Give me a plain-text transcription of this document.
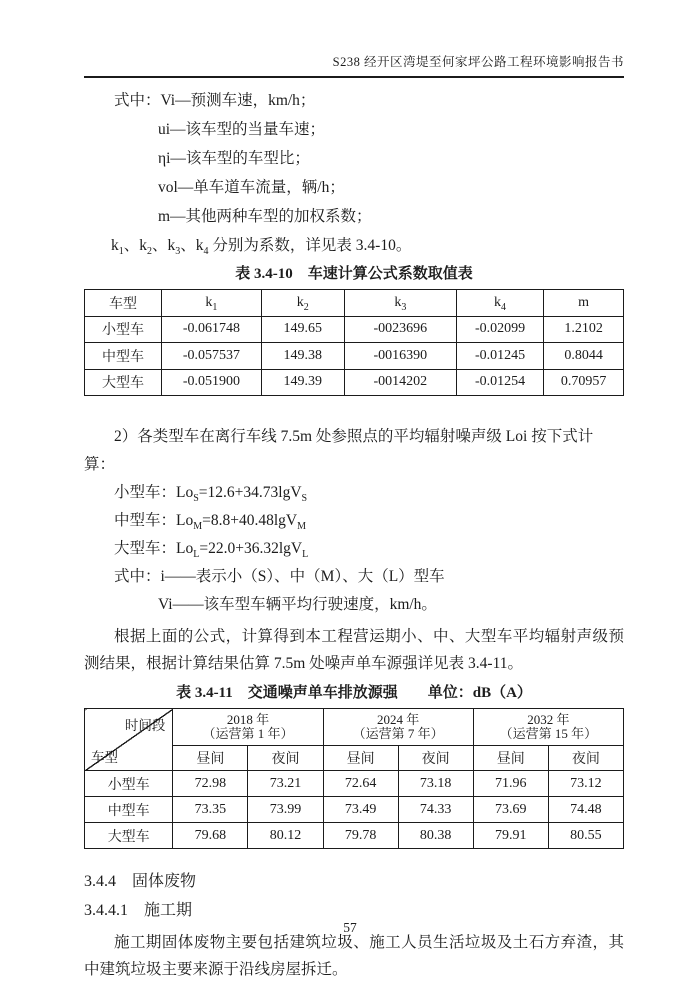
S238 经开区湾堤至何家坪公路工程环境影响报告书

式中：Vi—预测车速，km/h；

ui—该车型的当量车速；

ηi—该车型的车型比；

vol—单车道车流量，辆/h；

m—其他两种车型的加权系数；

$k_1$、$k_2$、$k_3$、$k_4$ 分别为系数，详见表 3.4-10。

表 3.4-10　车速计算公式系数取值表

车型	$k_1$	$k_2$	$k_3$	$k_4$	m
小型车	-0.061748	149.65	-0023696	-0.02099	1.2102
中型车	-0.057537	149.38	-0016390	-0.01245	0.8044
大型车	-0.051900	149.39	-0014202	-0.01254	0.70957

2）各类型车在离行车线 7.5m 处参照点的平均辐射噪声级 Loi 按下式计算：

小型车：$Lo_S=12.6+34.73\lg V_S$

中型车：$Lo_M=8.8+40.48\lg V_M$

大型车：$Lo_L=22.0+36.32\lg V_L$

式中：i——表示小（S）、中（M）、大（L）型车

Vi——该车型车辆平均行驶速度，km/h。

根据上面的公式，计算得到本工程营运期小、中、大型车平均辐射声级预测结果，根据计算结果估算 7.5m 处噪声单车源强详见表 3.4-11。

表 3.4-11　交通噪声单车排放源强　　单位：dB（A）

时间段
车型

2018 年
（运营第 1 年）

2024 年
（运营第 7 年）

2032 年
（运营第 15 年）

	昼间	夜间	昼间	夜间	昼间	夜间
小型车	72.98	73.21	72.64	73.18	71.96	73.12
中型车	73.35	73.99	73.49	74.33	73.69	74.48
大型车	79.68	80.12	79.78	80.38	79.91	80.55

3.4.4　固体废物

3.4.4.1　施工期

施工期固体废物主要包括建筑垃圾、施工人员生活垃圾及土石方弃渣，其中建筑垃圾主要来源于沿线房屋拆迁。

57
